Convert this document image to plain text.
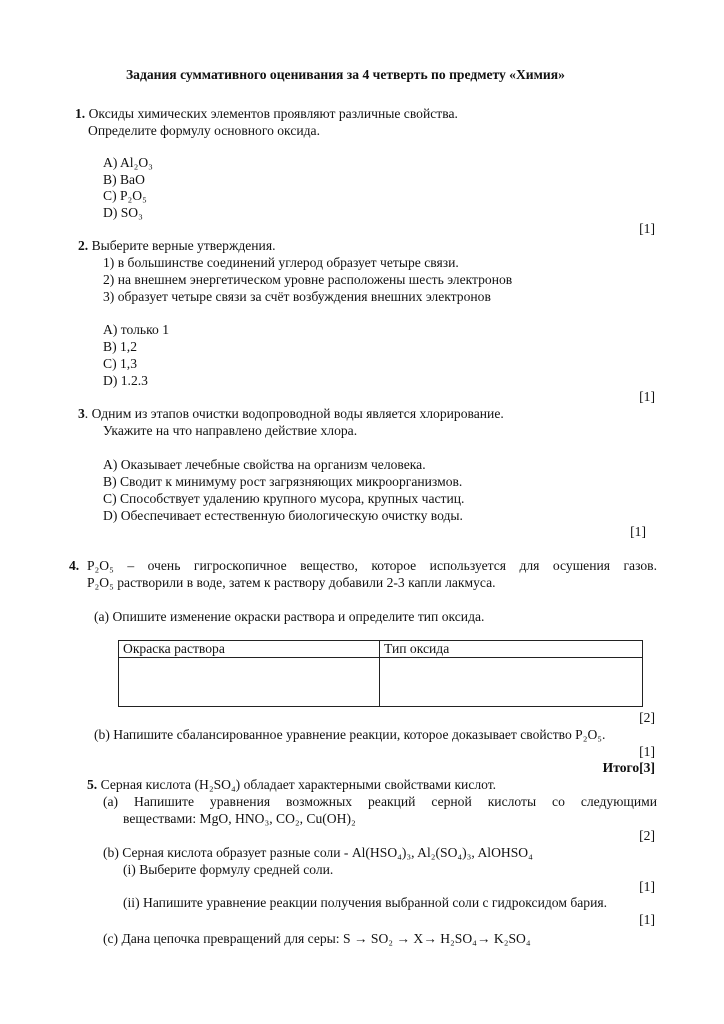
Задания суммативного оценивания за 4 четверть по предмету «Химия»
1. Оксиды химических элементов проявляют различные свойства.
Определите формулу основного оксида.
A) Al₂O₃
B) BaO
C) P₂O₅
D) SO₃
[1]
2. Выберите верные утверждения.
1) в большинстве соединений углерод образует четыре связи.
2) на внешнем энергетическом уровне расположены шесть электронов
3) образует четыре связи за счёт возбуждения внешних электронов
A) только 1
B) 1,2
C) 1,3
D) 1.2.3
[1]
3. Одним из этапов очистки водопроводной воды является хлорирование.
Укажите на что направлено действие хлора.
A) Оказывает лечебные свойства на организм человека.
B) Сводит к минимуму рост загрязняющих микроорганизмов.
C) Способствует удалению крупного мусора, крупных частиц.
D) Обеспечивает естественную биологическую очистку воды.
[1]
4. P₂O₅ – очень гигроскопичное вещество, которое используется для осушения газов.
P₂O₅ растворили в воде, затем к раствору добавили 2-3 капли лакмуса.
(a) Опишите изменение окраски раствора и определите тип оксида.
Окраска раствора	Тип оксида

[2]
(b) Напишите сбалансированное уравнение реакции, которое доказывает свойство P₂O₅.
[1]
Итого[3]
5. Серная кислота (H₂SO₄) обладает характерными свойствами кислот.
(a) Напишите уравнения возможных реакций серной кислоты со следующими
веществами: MgO, HNO₃, CO₂, Cu(OH)₂
[2]
(b) Серная кислота образует разные соли - Al(HSO₄)₃, Al₂(SO₄)₃, AlOHSO₄
(i) Выберите формулу средней соли.
[1]
(ii) Напишите уравнение реакции получения выбранной соли с гидроксидом бария.
[1]
(c) Дана цепочка превращений для серы: S → SO₂ → X→ H₂SO₄→ K₂SO₄
